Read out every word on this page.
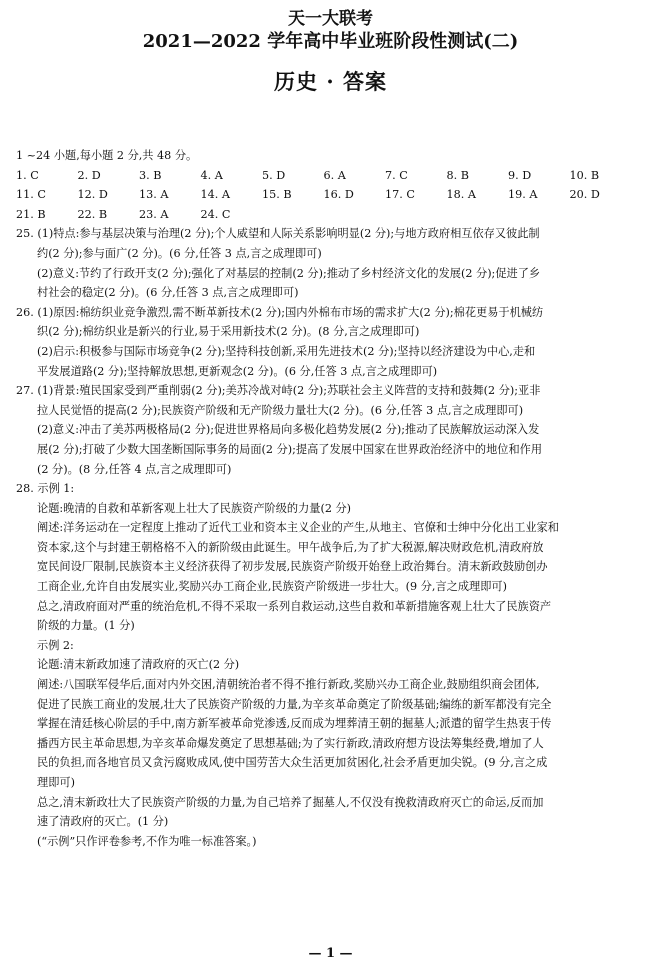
天一大联考
2021—2022 学年高中毕业班阶段性测试(二)
历史 · 答案
1 ~24 小题,每小题 2 分,共 48 分。
1. C	2. D	3. B	4. A	5. D	6. A	7. C	8. B	9. D	10. B
11. C	12. D	13. A	14. A	15. B	16. D	17. C	18. A	19. A	20. D
21. B	22. B	23. A	24. C
25. (1)特点:参与基层决策与治理(2 分);个人威望和人际关系影响明显(2 分);与地方政府相互依存又彼此制
约(2 分);参与面广(2 分)。(6 分,任答 3 点,言之成理即可)
(2)意义:节约了行政开支(2 分);强化了对基层的控制(2 分);推动了乡村经济文化的发展(2 分);促进了乡
村社会的稳定(2 分)。(6 分,任答 3 点,言之成理即可)
26. (1)原因:棉纺织业竞争激烈,需不断革新技术(2 分);国内外棉布市场的需求扩大(2 分);棉花更易于机械纺
织(2 分);棉纺织业是新兴的行业,易于采用新技术(2 分)。(8 分,言之成理即可)
(2)启示:积极参与国际市场竞争(2 分);坚持科技创新,采用先进技术(2 分);坚持以经济建设为中心,走和
平发展道路(2 分);坚持解放思想,更新观念(2 分)。(6 分,任答 3 点,言之成理即可)
27. (1)背景:殖民国家受到严重削弱(2 分);美苏冷战对峙(2 分);苏联社会主义阵营的支持和鼓舞(2 分);亚非
拉人民觉悟的提高(2 分);民族资产阶级和无产阶级力量壮大(2 分)。(6 分,任答 3 点,言之成理即可)
(2)意义:冲击了美苏两极格局(2 分);促进世界格局向多极化趋势发展(2 分);推动了民族解放运动深入发
展(2 分);打破了少数大国垄断国际事务的局面(2 分);提高了发展中国家在世界政治经济中的地位和作用
(2 分)。(8 分,任答 4 点,言之成理即可)
28. 示例 1:
论题:晚清的自救和革新客观上壮大了民族资产阶级的力量(2 分)
阐述:洋务运动在一定程度上推动了近代工业和资本主义企业的产生,从地主、官僚和士绅中分化出工业家和
资本家,这个与封建王朝格格不入的新阶级由此诞生。甲午战争后,为了扩大税源,解决财政危机,清政府放
宽民间设厂限制,民族资本主义经济获得了初步发展,民族资产阶级开始登上政治舞台。清末新政鼓励创办
工商企业,允许自由发展实业,奖励兴办工商企业,民族资产阶级进一步壮大。(9 分,言之成理即可)
总之,清政府面对严重的统治危机,不得不采取一系列自救运动,这些自救和革新措施客观上壮大了民族资产
阶级的力量。(1 分)
示例 2:
论题:清末新政加速了清政府的灭亡(2 分)
阐述:八国联军侵华后,面对内外交困,清朝统治者不得不推行新政,奖励兴办工商企业,鼓励组织商会团体,
促进了民族工商业的发展,壮大了民族资产阶级的力量,为辛亥革命奠定了阶级基础;编练的新军都没有完全
掌握在清廷核心阶层的手中,南方新军被革命党渗透,反而成为埋葬清王朝的掘墓人;派遣的留学生热衷于传
播西方民主革命思想,为辛亥革命爆发奠定了思想基础;为了实行新政,清政府想方设法筹集经费,增加了人
民的负担,而各地官员又贪污腐败成风,使中国劳苦大众生活更加贫困化,社会矛盾更加尖锐。(9 分,言之成
理即可)
总之,清末新政壮大了民族资产阶级的力量,为自己培养了掘墓人,不仅没有挽救清政府灭亡的命运,反而加
速了清政府的灭亡。(1 分)
(“示例”只作评卷参考,不作为唯一标准答案。)
— 1 —
